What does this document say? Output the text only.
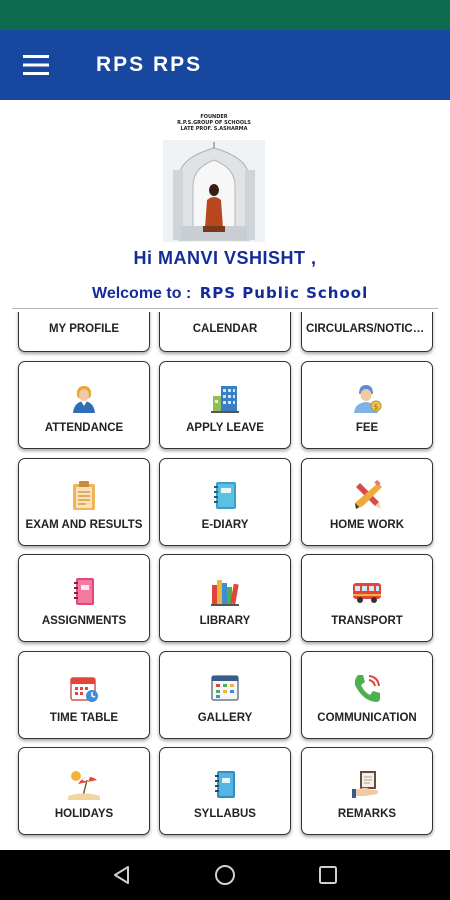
RPS RPS
FOUNDER
R.P.S.GROUP OF SCHOOLS
LATE PROF. S.ASHARMA
Hi MANVI VSHISHT ,
Welcome to : RPS Public School
MY PROFILE	CALENDAR	CIRCULARS/NOTICES
ATTENDANCE	APPLY LEAVE
$
FEE
EXAM AND RESULTS	E-DIARY	HOME WORK
ASSIGNMENTS	LIBRARY	TRANSPORT
TIME TABLE	GALLERY	COMMUNICATION
HOLIDAYS	SYLLABUS	REMARKS
